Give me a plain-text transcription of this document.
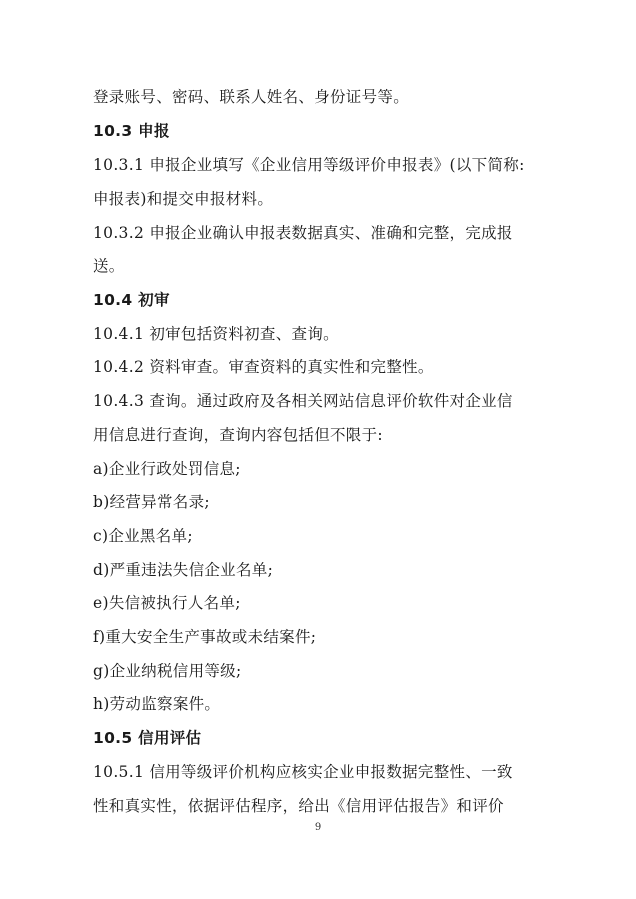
登录账号、密码、联系人姓名、身份证号等。
10.3 申报
10.3.1 申报企业填写《企业信用等级评价申报表》(以下简称:
申报表)和提交申报材料。
10.3.2 申报企业确认申报表数据真实、准确和完整，完成报
送。
10.4 初审
10.4.1 初审包括资料初查、查询。
10.4.2 资料审查。审查资料的真实性和完整性。
10.4.3 查询。通过政府及各相关网站信息评价软件对企业信
用信息进行查询，查询内容包括但不限于:
a)企业行政处罚信息;
b)经营异常名录;
c)企业黑名单;
d)严重违法失信企业名单;
e)失信被执行人名单;
f)重大安全生产事故或未结案件;
g)企业纳税信用等级;
h)劳动监察案件。
10.5 信用评估
10.5.1 信用等级评价机构应核实企业申报数据完整性、一致
性和真实性，依据评估程序，给出《信用评估报告》和评价
9
